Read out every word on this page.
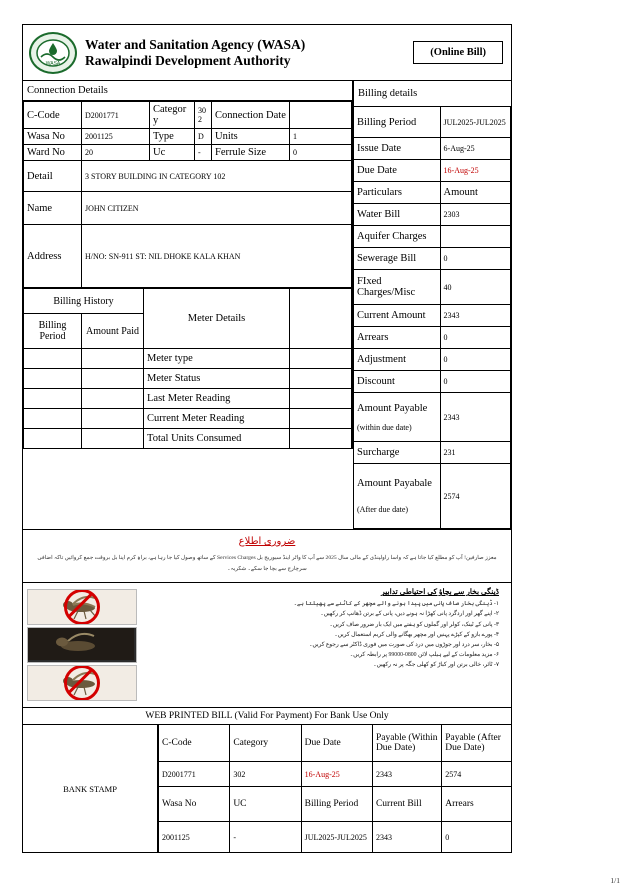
WASA
Water and Sanitation Agency (WASA)
Rawalpindi Development Authority	(Online Bill)
Connection Details
C-Code	D2001771	Category	302	Connection Date	
Wasa No	2001125	Type	D	Units	1
Ward No	20	Uc	-	Ferrule Size	0
Detail	3 STORY BUILDING IN CATEGORY 102				
Name	JOHN CITIZEN				
Address	H/NO: SN-911 ST: NIL DHOKE KALA KHAN				
Billing History		Meter Details	
Billing Period	Amount Paid		
		Meter type	
		Meter Status	
		Last Meter Reading	
		Current Meter Reading	
		Total Units Consumed	
Billing details	
Billing Period	JUL2025-JUL2025
Issue Date	6-Aug-25
Due Date	16-Aug-25
Particulars	Amount
Water Bill	2303
Aquifer Charges	
Sewerage Bill	0
FIxed Charges/Misc	40
Current Amount	2343
Arrears	0
Adjustment	0
Discount	0

Amount Payable
(within due date)	2343
Surcharge	231

Amount Payabale
(After due date)	2574
ضروری اطلاع
معزز صارفین! آپ کو مطلع کیا جاتا ہے کہ واسا راولپنڈی کے مالی سال 2025 سے آپ کا واٹر اینڈ سیوریج بل Services Charges کے ساتھ وصول کیا جا رہا ہے، براہِ کرم اپنا بل بروقت جمع کروائیں تاکہ اضافی سرچارج سے بچا جا سکے۔ شکریہ۔
ڈینگی بخار سے بچاؤ کی احتیاطی تدابیر
۱- ڈینگی بخار صاف پانی میں پیدا ہونے والے مچھر کے کاٹنے سے پھیلتا ہے۔
۲- اپنے گھر اور اردگرد پانی کھڑا نہ ہونے دیں، پانی کے برتن ڈھانپ کر رکھیں۔
۳- پانی کے ٹینک، کولر اور گملوں کو ہفتے میں ایک بار ضرور صاف کریں۔
۴- پورے بازو کے کپڑے پہنیں اور مچھر بھگانے والی کریم استعمال کریں۔
۵- بخار، سر درد اور جوڑوں میں درد کی صورت میں فوری ڈاکٹر سے رجوع کریں۔
۶- مزید معلومات کے لیے ہیلپ لائن 0800-99000 پر رابطہ کریں۔
۷- ٹائر، خالی برتن اور کباڑ کو کھلی جگہ پر نہ رکھیں۔
WEB PRINTED BILL (Valid For Payment) For Bank Use Only
BANK STAMP
C-Code	Category	Due Date	Payable (Within Due Date)	Payable (After Due Date)
D2001771	302	16-Aug-25	2343	2574
Wasa No	UC	Billing Period	Current Bill	Arrears
2001125	-	JUL2025-JUL2025	2343	0
1/1
